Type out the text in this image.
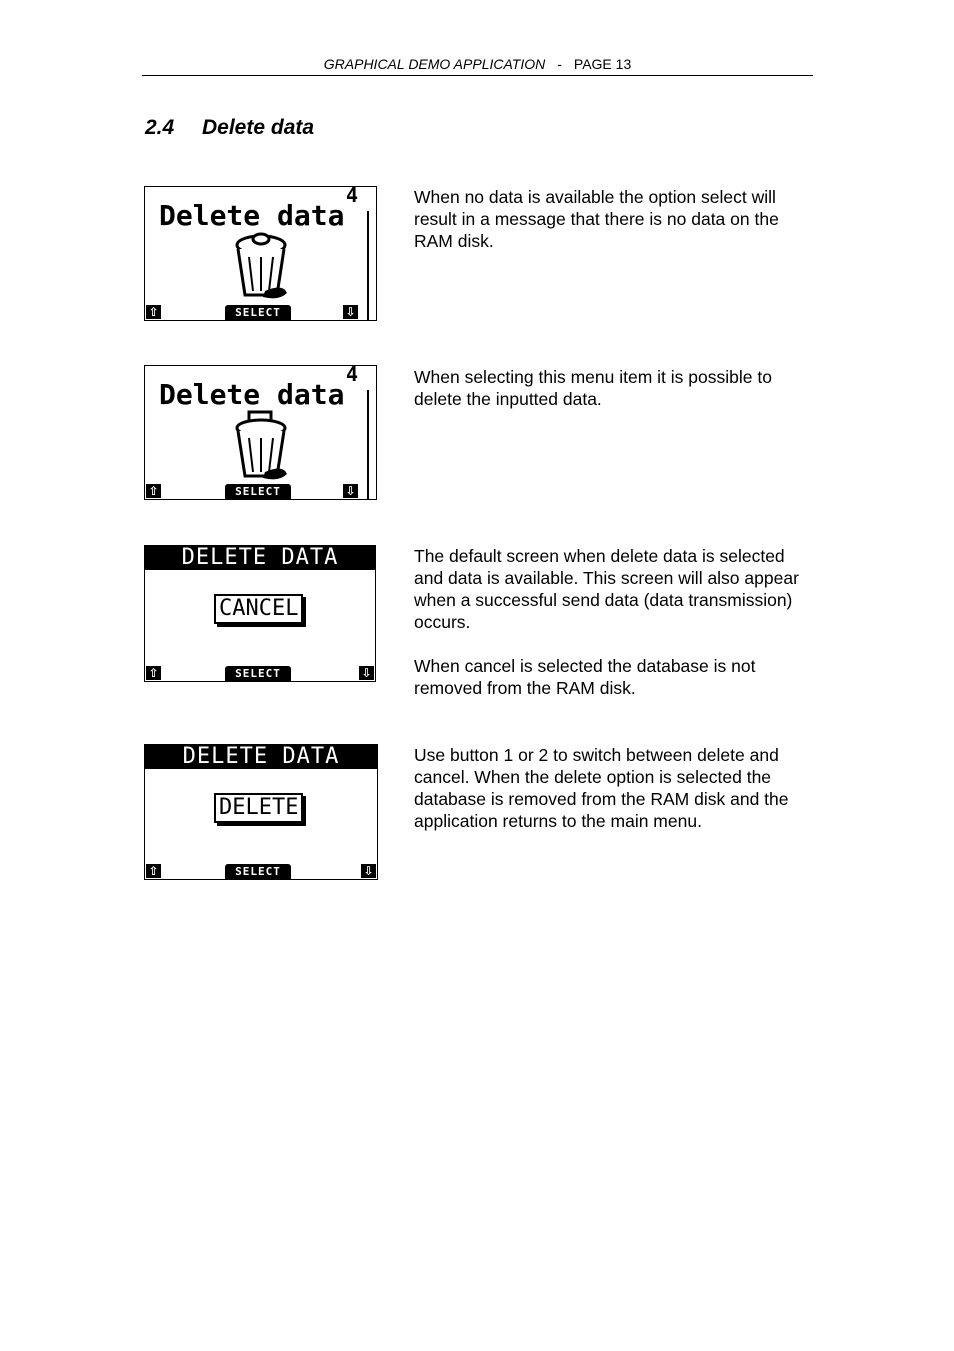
GRAPHICAL DEMO APPLICATION - PAGE 13
2.4 Delete data
4
Delete data
⇧	SELECT	⇩

When no data is available the option select will result in a message that there is no data on the RAM disk.

4
Delete data
⇧	SELECT	⇩

When selecting this menu item it is possible to delete the inputted data.

DELETE DATA
CANCEL
⇧	SELECT	⇩

The default screen when delete data is selected and data is available. This screen will also appear when a successful send data (data transmission) occurs.

When cancel is selected the database is not removed from the RAM disk.

DELETE DATA
DELETE
⇧	SELECT	⇩

Use button 1 or 2 to switch between delete and cancel. When the delete option is selected the database is removed from the RAM disk and the application returns to the main menu.
